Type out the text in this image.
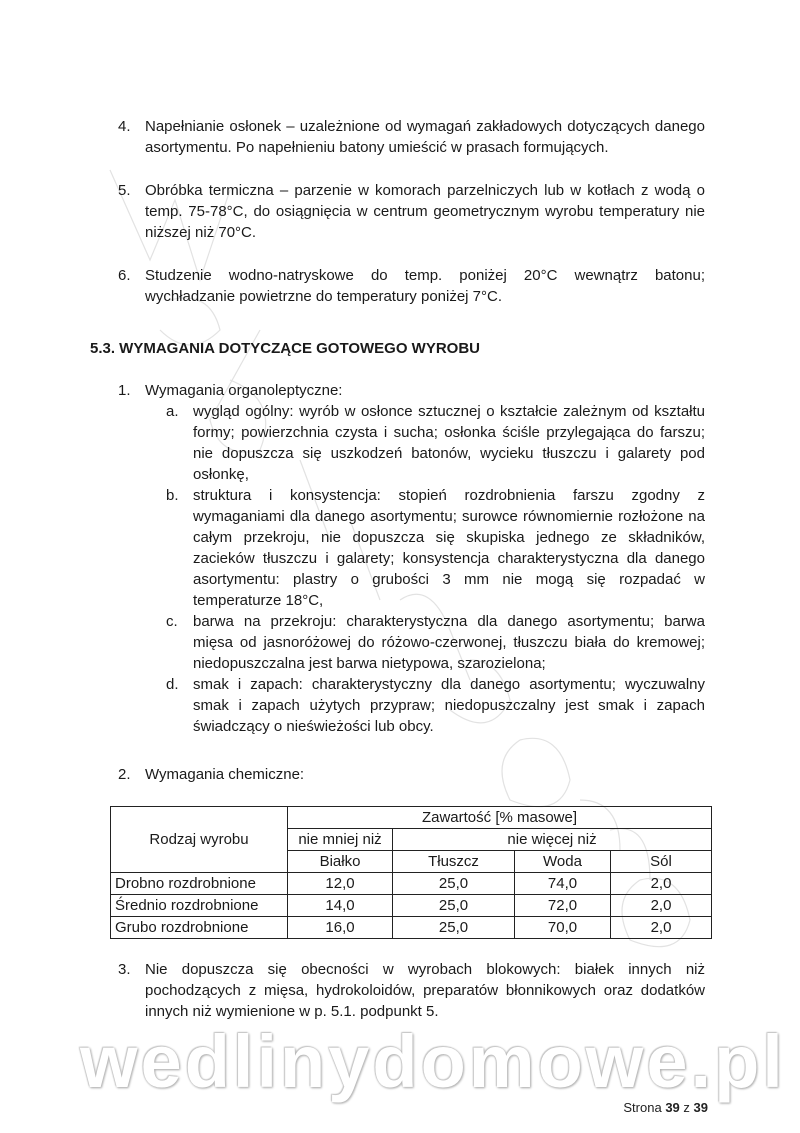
4. Napełnianie osłonek – uzależnione od wymagań zakładowych dotyczących danego asortymentu. Po napełnieniu batony umieścić w prasach formujących.
5. Obróbka termiczna – parzenie w komorach parzelniczych lub w kotłach z wodą o temp. 75-78°C, do osiągnięcia w centrum geometrycznym wyrobu temperatury nie niższej niż 70°C.
6. Studzenie wodno-natryskowe do temp. poniżej 20°C wewnątrz batonu; wychładzanie powietrzne do temperatury poniżej 7°C.
5.3. WYMAGANIA DOTYCZĄCE GOTOWEGO WYROBU
1. Wymagania organoleptyczne:
a. wygląd ogólny: wyrób w osłonce sztucznej o kształcie zależnym od kształtu formy; powierzchnia czysta i sucha; osłonka ściśle przylegająca do farszu; nie dopuszcza się uszkodzeń batonów, wycieku tłuszczu i galarety pod osłonkę,
b. struktura i konsystencja: stopień rozdrobnienia farszu zgodny z wymaganiami dla danego asortymentu; surowce równomiernie rozłożone na całym przekroju, nie dopuszcza się skupiska jednego ze składników, zacieków tłuszczu i galarety; konsystencja charakterystyczna dla danego asortymentu: plastry o grubości 3 mm nie mogą się rozpadać w temperaturze 18°C,
c. barwa na przekroju: charakterystyczna dla danego asortymentu; barwa mięsa od jasnoróżowej do różowo-czerwonej, tłuszczu biała do kremowej; niedopuszczalna jest barwa nietypowa, szarozielona;
d. smak i zapach: charakterystyczny dla danego asortymentu; wyczuwalny smak i zapach użytych przypraw; niedopuszczalny jest smak i zapach świadczący o nieświeżości lub obcy.
2. Wymagania chemiczne:
Rodzaj wyrobu	Zawartość [% masowe]			
	nie mniej niż	nie więcej niż		
	Białko	Tłuszcz	Woda	Sól
Drobno rozdrobnione	12,0	25,0	74,0	2,0
Średnio rozdrobnione	14,0	25,0	72,0	2,0
Grubo rozdrobnione	16,0	25,0	70,0	2,0
3. Nie dopuszcza się obecności w wyrobach blokowych: białek innych niż pochodzących z mięsa, hydrokoloidów, preparatów błonnikowych oraz dodatków innych niż wymienione w p. 5.1. podpunkt 5.
wedlinydomowe.pl
Strona 39 z 39
